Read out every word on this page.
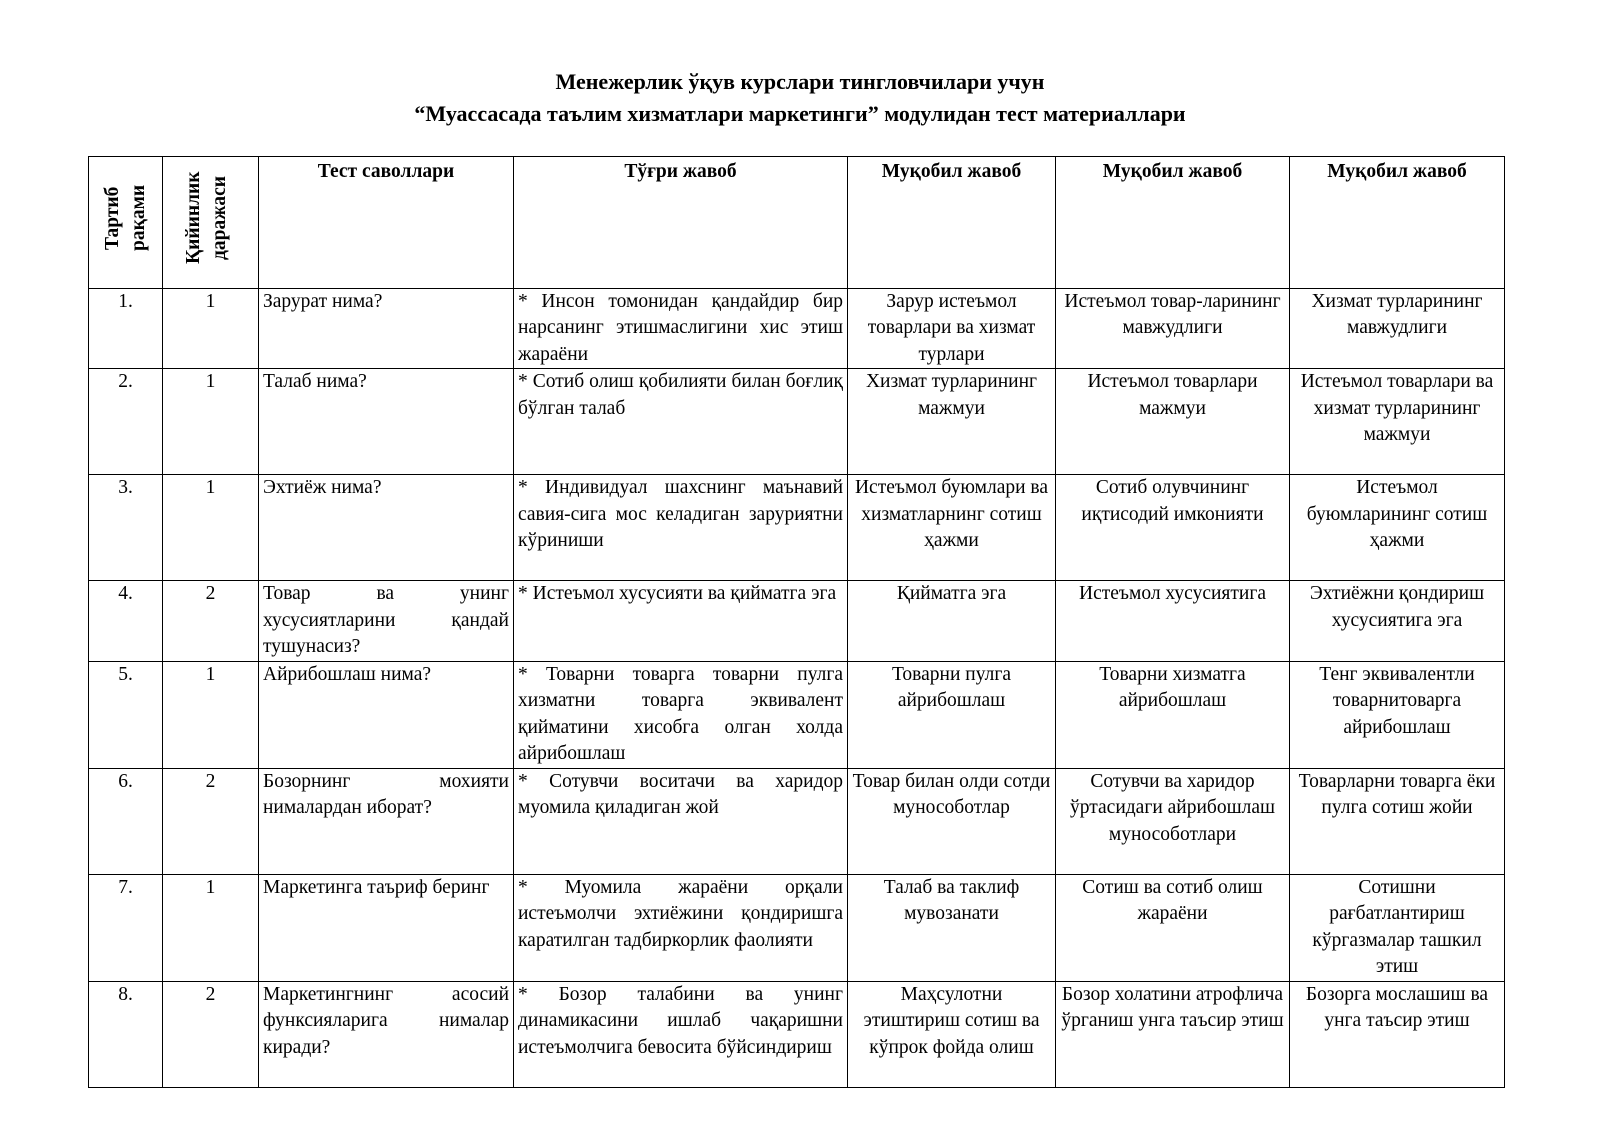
Менежерлик ўқув курслари тингловчилари учун
“Муассасада таълим хизматлари маркетинги” модулидан тест материаллари
Тартиб рақами	Қийинлик даражаси	Тест саволлари	Тўғри жавоб	Муқобил жавоб	Муқобил жавоб	Муқобил жавоб
1.	1	Зарурат нима?	* Инсон томонидан қандайдир бир нарсанинг этишмаслигини хис этиш жараёни	Зарур истеъмол товарлари ва хизмат турлари	Истеъмол товар-ларининг мавжудлиги	Хизмат турларининг мавжудлиги
2.	1	Талаб нима?	* Сотиб олиш қобилияти билан боғлиқ бўлган талаб	Хизмат турларининг мажмуи	Истеъмол товарлари мажмуи	Истеъмол товарлари ва хизмат турларининг мажмуи
3.	1	Эхтиёж нима?	* Индивидуал шахснинг маънавий савия-сига мос келадиган заруриятни кўриниши	Истеъмол буюмлари ва хизматларнинг сотиш ҳажми	Сотиб олувчининг иқтисодий имконияти	Истеъмол буюмларининг сотиш ҳажми
4.	2	Товар ва унинг хусусиятларини қандай тушунасиз?	* Истеъмол хусусияти ва қийматга эга	Қийматга эга	Истеъмол хусусиятига	Эхтиёжни қондириш хусусиятига эга
5.	1	Айрибошлаш нима?	* Товарни товарга товарни пулга хизматни товарга эквивалент қийматини хисобга олган холда айрибошлаш	Товарни пулга айрибошлаш	Товарни хизматга айрибошлаш	Тенг эквивалентли товарнитоварга айрибошлаш
6.	2	Бозорнинг мохияти нималардан иборат?	* Сотувчи воситачи ва харидор муомила қиладиган жой	Товар билан олди сотди мунособотлар	Сотувчи ва харидор ўртасидаги айрибошлаш мунособотлари	Товарларни товарга ёки пулга сотиш жойи
7.	1	Маркетинга таъриф беринг	* Муомила жараёни орқали истеъмолчи эхтиёжини қондиришга каратилган тадбиркорлик фаолияти	Талаб ва таклиф мувозанати	Сотиш ва сотиб олиш жараёни	Сотишни рағбатлантириш кўргазмалар ташкил этиш
8.	2	Маркетингнинг асосий функсияларига нималар киради?	* Бозор талабини ва унинг динамикасини ишлаб чақаришни истеъмолчига бевосита бўйсиндириш	Маҳсулотни этиштириш сотиш ва кўпрок фойда олиш	Бозор холатини атрофлича ўрганиш унга таъсир этиш	Бозорга мослашиш ва унга таъсир этиш
